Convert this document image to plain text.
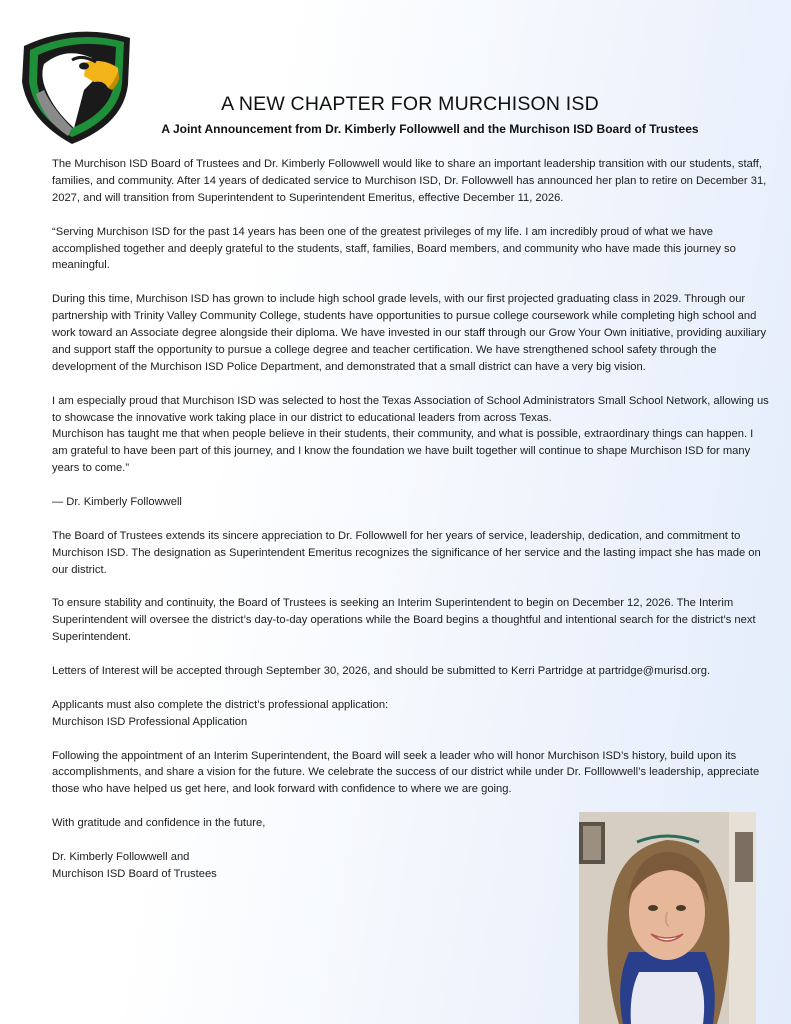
A NEW CHAPTER FOR MURCHISON ISD
A Joint Announcement from Dr. Kimberly Followwell and the Murchison ISD Board of Trustees

The Murchison ISD Board of Trustees and Dr. Kimberly Followwell would like to share an important leadership transition with our students, staff, families, and community. After 14 years of dedicated service to Murchison ISD, Dr. Followwell has announced her plan to retire on December 31, 2027, and will transition from Superintendent to Superintendent Emeritus, effective December 11, 2026.

“Serving Murchison ISD for the past 14 years has been one of the greatest privileges of my life. I am incredibly proud of what we have accomplished together and deeply grateful to the students, staff, families, Board members, and community who have made this journey so meaningful.

During this time, Murchison ISD has grown to include high school grade levels, with our first projected graduating class in 2029. Through our partnership with Trinity Valley Community College, students have opportunities to pursue college coursework while completing high school and work toward an Associate degree alongside their diploma. We have invested in our staff through our Grow Your Own initiative, providing auxiliary and support staff the opportunity to pursue a college degree and teacher certification. We have strengthened school safety through the development of the Murchison ISD Police Department, and demonstrated that a small district can have a very big vision.

I am especially proud that Murchison ISD was selected to host the Texas Association of School Administrators Small School Network, allowing us to showcase the innovative work taking place in our district to educational leaders from across Texas.
Murchison has taught me that when people believe in their students, their community, and what is possible, extraordinary things can happen. I am grateful to have been part of this journey, and I know the foundation we have built together will continue to shape Murchison ISD for many years to come.”

— Dr. Kimberly Followwell

The Board of Trustees extends its sincere appreciation to Dr. Followwell for her years of service, leadership, dedication, and commitment to Murchison ISD. The designation as Superintendent Emeritus recognizes the significance of her service and the lasting impact she has made on our district.

To ensure stability and continuity, the Board of Trustees is seeking an Interim Superintendent to begin on December 12, 2026. The Interim Superintendent will oversee the district’s day-to-day operations while the Board begins a thoughtful and intentional search for the district’s next Superintendent.

Letters of Interest will be accepted through September 30, 2026, and should be submitted to Kerri Partridge at partridge@murisd.org.

Applicants must also complete the district’s professional application:
Murchison ISD Professional Application

Following the appointment of an Interim Superintendent, the Board will seek a leader who will honor Murchison ISD’s history, build upon its accomplishments, and share a vision for the future. We celebrate the success of our district while under Dr. Folllowwell’s leadership, appreciate those who have helped us get here, and look forward with confidence to where we are going.

With gratitude and confidence in the future,

Dr. Kimberly Followwell and
Murchison ISD Board of Trustees
